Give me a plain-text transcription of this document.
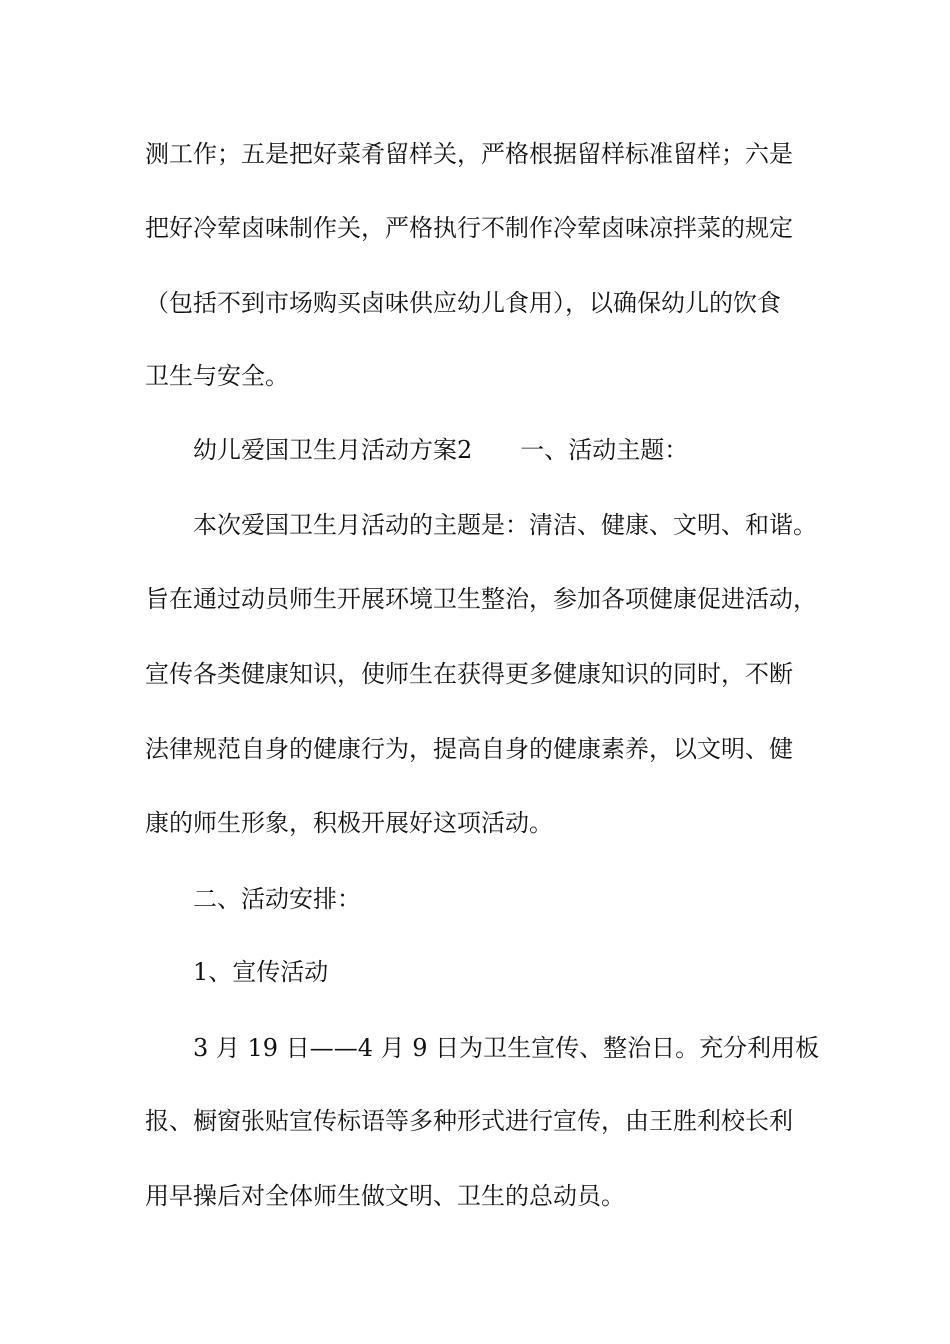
测工作；五是把好菜肴留样关，严格根据留样标准留样；六是
把好冷荤卤味制作关，严格执行不制作冷荤卤味凉拌菜的规定
（包括不到市场购买卤味供应幼儿食用），以确保幼儿的饮食
卫生与安全。
幼儿爱国卫生月活动方案2　　一、活动主题：
本次爱国卫生月活动的主题是：清洁、健康、文明、和谐。
旨在通过动员师生开展环境卫生整治，参加各项健康促进活动，
宣传各类健康知识，使师生在获得更多健康知识的同时，不断
法律规范自身的健康行为，提高自身的健康素养，以文明、健
康的师生形象，积极开展好这项活动。
二、活动安排：
1、宣传活动
3 月 19 日——4 月 9 日为卫生宣传、整治日。充分利用板
报、橱窗张贴宣传标语等多种形式进行宣传，由王胜利校长利
用早操后对全体师生做文明、卫生的总动员。
